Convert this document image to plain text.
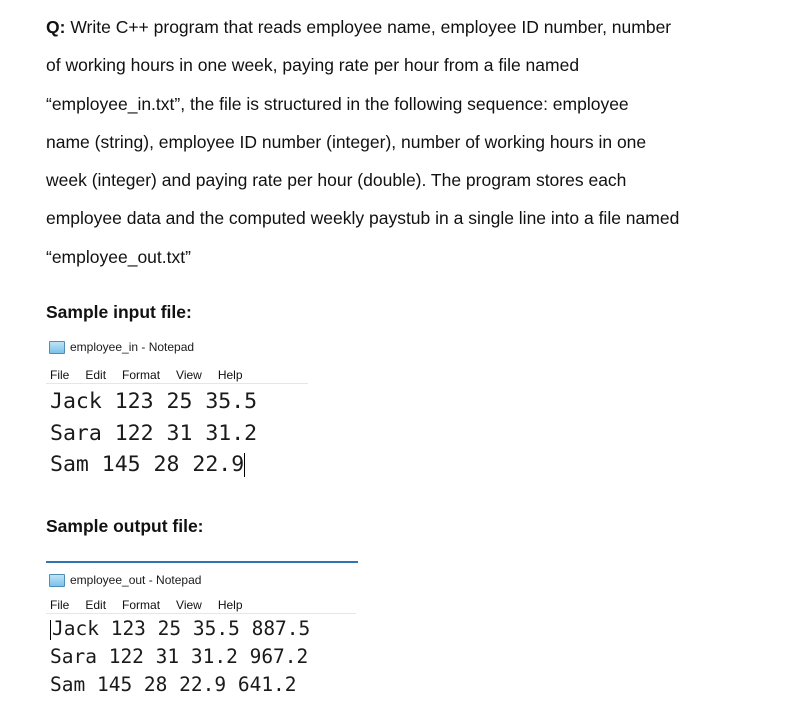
Q: Write C++ program that reads employee name, employee ID number, number
of working hours in one week, paying rate per hour from a file named
“employee_in.txt”, the file is structured in the following sequence: employee
name (string), employee ID number (integer), number of working hours in one
week (integer) and paying rate per hour (double). The program stores each
employee data and the computed weekly paystub in a single line into a file named
“employee_out.txt”
Sample input file:
employee_in - Notepad
File Edit Format View Help
Jack 123 25 35.5
Sara 122 31 31.2
Sam 145 28 22.9
Sample output file:
employee_out - Notepad
File Edit Format View Help
Jack 123 25 35.5 887.5
Sara 122 31 31.2 967.2
Sam 145 28 22.9 641.2
